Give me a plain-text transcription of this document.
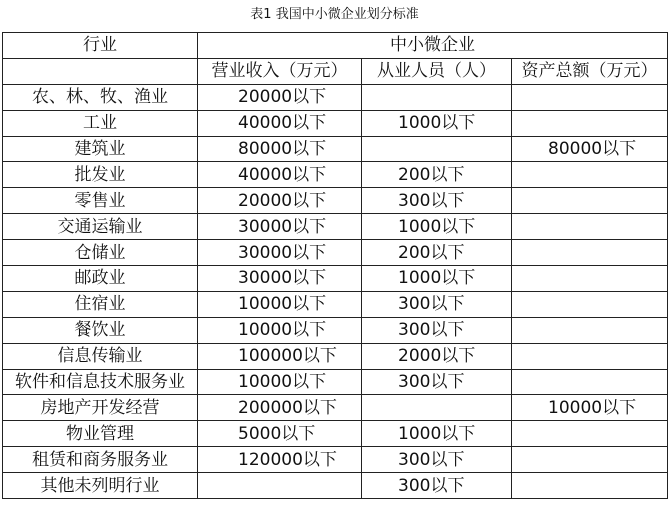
表1 我国中小微企业划分标准
行业	中小微企业		
	营业收入（万元）	从业人员（人）	资产总额（万元）
农、林、牧、渔业	20000以下		
工业	40000以下	1000以下	
建筑业	80000以下		80000以下
批发业	40000以下	200以下	
零售业	20000以下	300以下	
交通运输业	30000以下	1000以下	
仓储业	30000以下	200以下	
邮政业	30000以下	1000以下	
住宿业	10000以下	300以下	
餐饮业	10000以下	300以下	
信息传输业	100000以下	2000以下	
软件和信息技术服务业	10000以下	300以下	
房地产开发经营	200000以下		10000以下
物业管理	5000以下	1000以下	
租赁和商务服务业	120000以下	300以下	
其他未列明行业		300以下	
